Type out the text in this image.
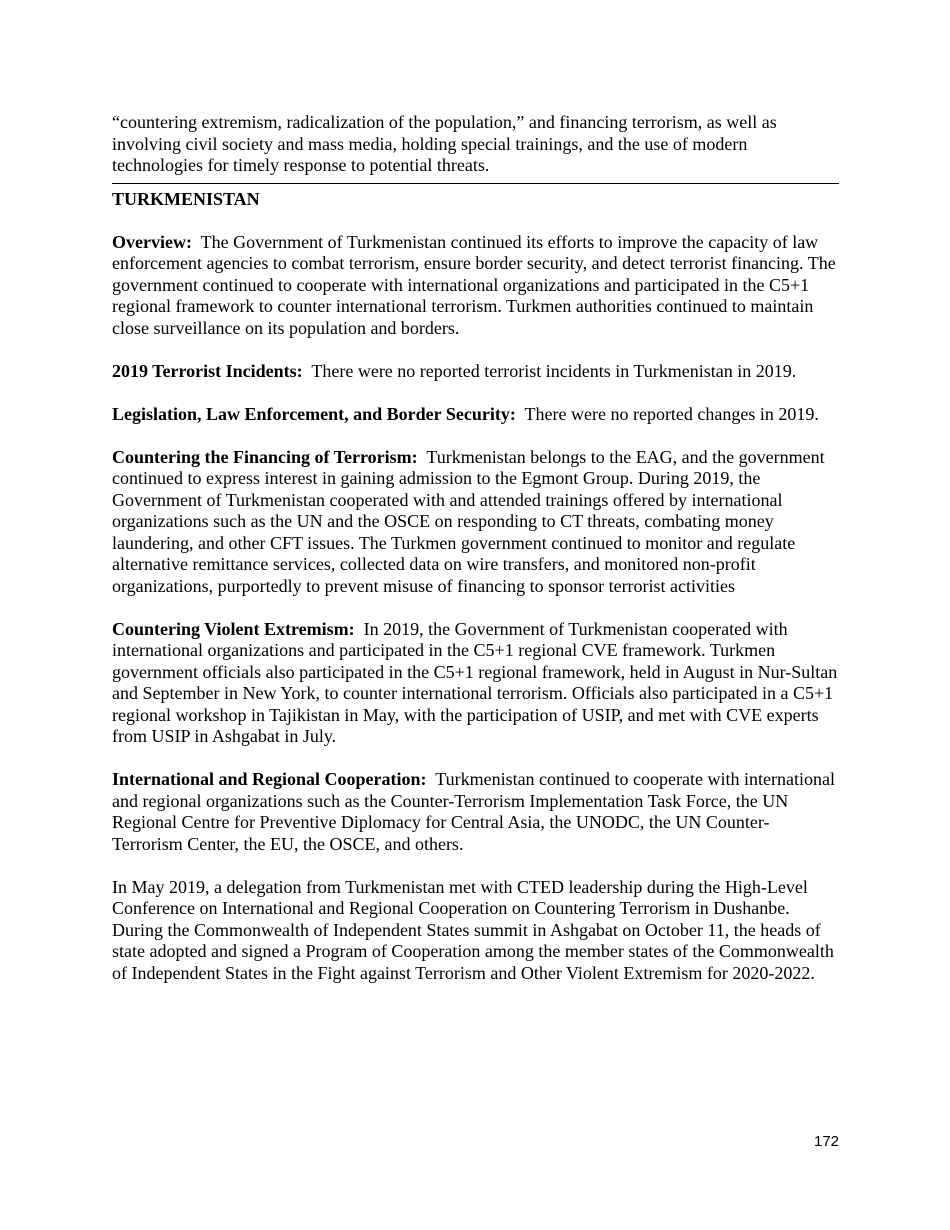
“countering extremism, radicalization of the population,” and financing terrorism, as well as involving civil society and mass media, holding special trainings, and the use of modern technologies for timely response to potential threats.

TURKMENISTAN

Overview: The Government of Turkmenistan continued its efforts to improve the capacity of law enforcement agencies to combat terrorism, ensure border security, and detect terrorist financing. The government continued to cooperate with international organizations and participated in the C5+1 regional framework to counter international terrorism. Turkmen authorities continued to maintain close surveillance on its population and borders.

2019 Terrorist Incidents: There were no reported terrorist incidents in Turkmenistan in 2019.

Legislation, Law Enforcement, and Border Security: There were no reported changes in 2019.

Countering the Financing of Terrorism: Turkmenistan belongs to the EAG, and the government continued to express interest in gaining admission to the Egmont Group. During 2019, the Government of Turkmenistan cooperated with and attended trainings offered by international organizations such as the UN and the OSCE on responding to CT threats, combating money laundering, and other CFT issues. The Turkmen government continued to monitor and regulate alternative remittance services, collected data on wire transfers, and monitored non-profit organizations, purportedly to prevent misuse of financing to sponsor terrorist activities

Countering Violent Extremism: In 2019, the Government of Turkmenistan cooperated with international organizations and participated in the C5+1 regional CVE framework. Turkmen government officials also participated in the C5+1 regional framework, held in August in Nur-Sultan and September in New York, to counter international terrorism. Officials also participated in a C5+1 regional workshop in Tajikistan in May, with the participation of USIP, and met with CVE experts from USIP in Ashgabat in July.

International and Regional Cooperation: Turkmenistan continued to cooperate with international and regional organizations such as the Counter-Terrorism Implementation Task Force, the UN Regional Centre for Preventive Diplomacy for Central Asia, the UNODC, the UN Counter-Terrorism Center, the EU, the OSCE, and others.

In May 2019, a delegation from Turkmenistan met with CTED leadership during the High-Level Conference on International and Regional Cooperation on Countering Terrorism in Dushanbe. During the Commonwealth of Independent States summit in Ashgabat on October 11, the heads of state adopted and signed a Program of Cooperation among the member states of the Commonwealth of Independent States in the Fight against Terrorism and Other Violent Extremism for 2020-2022.

172
